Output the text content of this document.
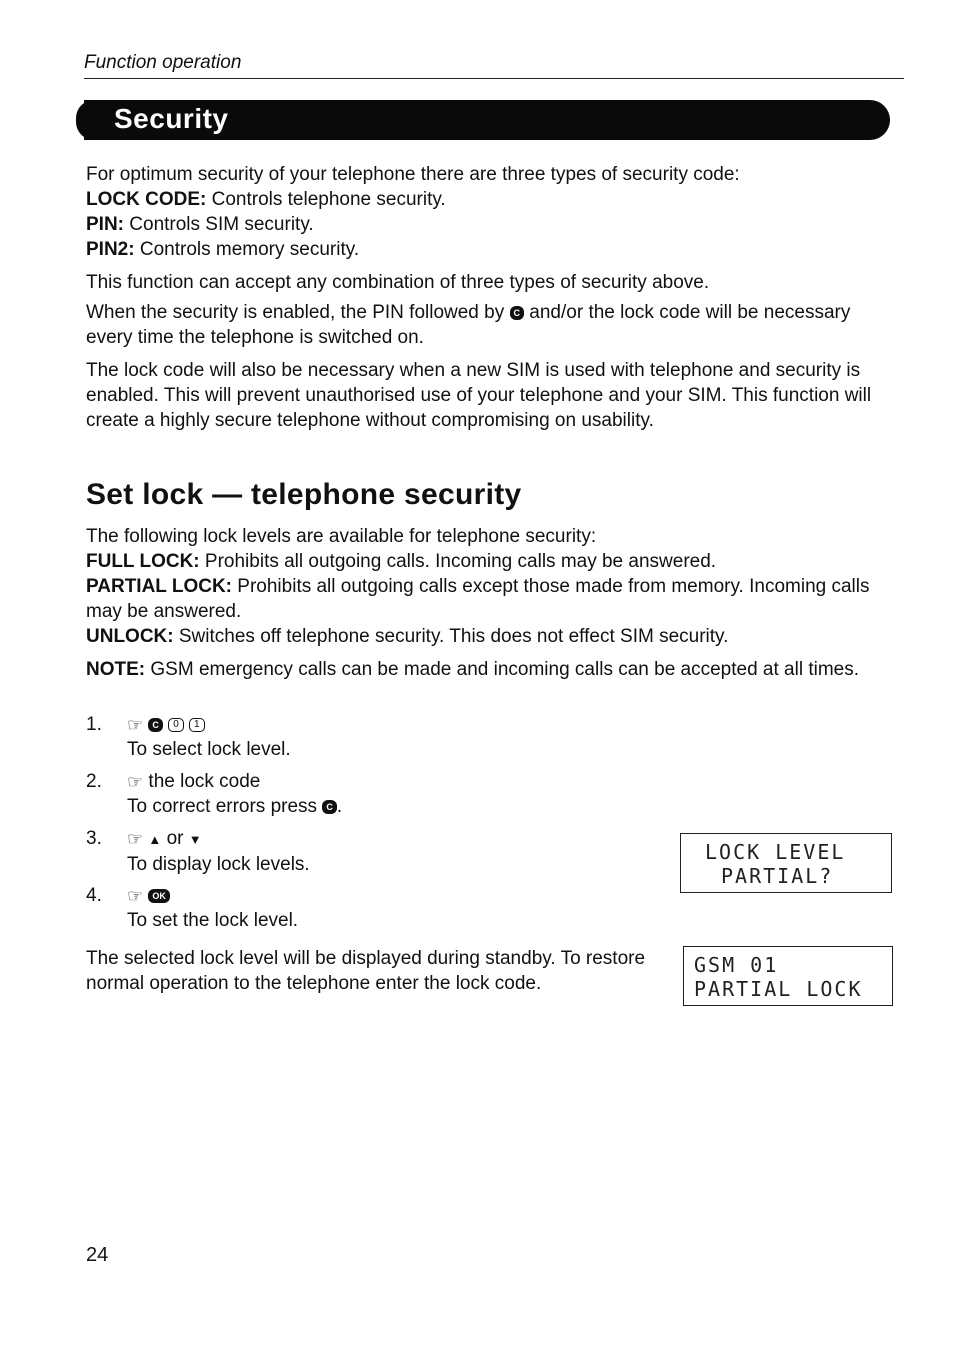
Function operation
Security
For optimum security of your telephone there are three types of security code:
LOCK CODE: Controls telephone security.
PIN: Controls SIM security.
PIN2: Controls memory security.
This function can accept any combination of three types of security above.
When the security is enabled, the PIN followed by C and/or the lock code will be necessary every time the telephone is switched on.
The lock code will also be necessary when a new SIM is used with telephone and security is enabled. This will prevent unauthorised use of your telephone and your SIM. This function will create a highly secure telephone without compromising on usability.
Set lock — telephone security
The following lock levels are available for telephone security:
FULL LOCK: Prohibits all outgoing calls. Incoming calls may be answered.
PARTIAL LOCK: Prohibits all outgoing calls except those made from memory. Incoming calls may be answered.
UNLOCK: Switches off telephone security. This does not effect SIM security.
NOTE: GSM emergency calls can be made and incoming calls can be accepted at all times.
1. ☞ C 0 1
To select lock level.
2. ☞ the lock code
To correct errors press C .
3. ☞ ▲ or ▼
To display lock levels.
4. ☞ OK
To set the lock level.
LOCK LEVEL
PARTIAL?
The selected lock level will be displayed during standby. To restore normal operation to the telephone enter the lock code.
GSM 01
PARTIAL LOCK
24
